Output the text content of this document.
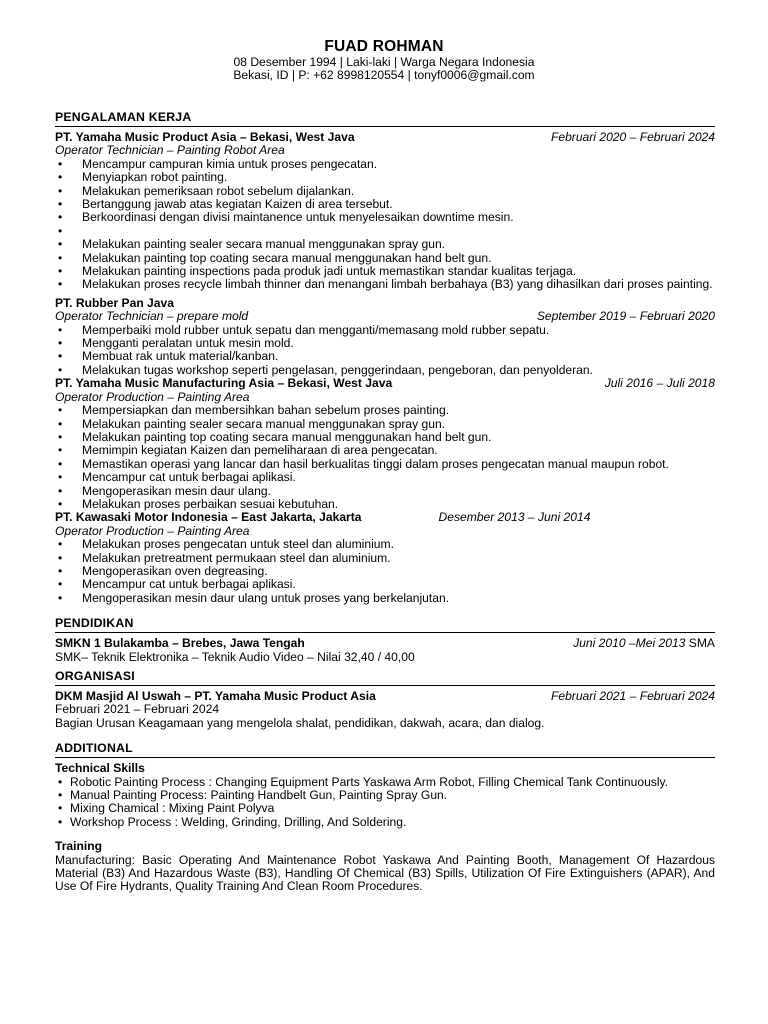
FUAD ROHMAN
08 Desember 1994 | Laki-laki | Warga Negara Indonesia
Bekasi, ID | P: +62 8998120554 | tonyf0006@gmail.com
PENGALAMAN KERJA
PT. Yamaha Music Product Asia – Bekasi, West Java	Februari 2020 – Februari 2024
Operator Technician – Painting Robot Area
• Mencampur campuran kimia untuk proses pengecatan.
• Menyiapkan robot painting.
• Melakukan pemeriksaan robot sebelum dijalankan.
• Bertanggung jawab atas kegiatan Kaizen di area tersebut.
• Berkoordinasi dengan divisi maintanence untuk menyelesaikan downtime mesin.
•
• Melakukan painting sealer secara manual menggunakan spray gun.
• Melakukan painting top coating secara manual menggunakan hand belt gun.
• Melakukan painting inspections pada produk jadi untuk memastikan standar kualitas terjaga.
• Melakukan proses recycle limbah thinner dan menangani limbah berbahaya (B3) yang dihasilkan dari proses painting.
PT. Rubber Pan Java
Operator Technician – prepare mold	September 2019 – Februari 2020
• Memperbaiki mold rubber untuk sepatu dan mengganti/memasang mold rubber sepatu.
• Mengganti peralatan untuk mesin mold.
• Membuat rak untuk material/kanban.
• Melakukan tugas workshop seperti pengelasan, penggerindaan, pengeboran, dan penyolderan.
PT. Yamaha Music Manufacturing Asia – Bekasi, West Java	Juli 2016 – Juli 2018
Operator Production – Painting Area
• Mempersiapkan dan membersihkan bahan sebelum proses painting.
• Melakukan painting sealer secara manual menggunakan spray gun.
• Melakukan painting top coating secara manual menggunakan hand belt gun.
• Memimpin kegiatan Kaizen dan pemeliharaan di area pengecatan.
• Memastikan operasi yang lancar dan hasil berkualitas tinggi dalam proses pengecatan manual maupun robot.
• Mencampur cat untuk berbagai aplikasi.
• Mengoperasikan mesin daur ulang.
• Melakukan proses perbaikan sesuai kebutuhan.
PT. Kawasaki Motor Indonesia – East Jakarta, Jakarta	Desember 2013 – Juni 2014
Operator Production – Painting Area
• Melakukan proses pengecatan untuk steel dan aluminium.
• Melakukan pretreatment permukaan steel dan aluminium.
• Mengoperasikan oven degreasing.
• Mencampur cat untuk berbagai aplikasi.
• Mengoperasikan mesin daur ulang untuk proses yang berkelanjutan.
PENDIDIKAN
SMKN 1 Bulakamba – Brebes, Jawa Tengah	Juni 2010 –Mei 2013 SMA
SMK– Teknik Elektronika – Teknik Audio Video – Nilai 32,40 / 40,00
ORGANISASI
DKM Masjid Al Uswah – PT. Yamaha Music Product Asia	Februari 2021 – Februari 2024
Februari 2021 – Februari 2024
Bagian Urusan Keagamaan yang mengelola shalat, pendidikan, dakwah, acara, dan dialog.
ADDITIONAL
Technical Skills
• Robotic Painting Process : Changing Equipment Parts Yaskawa Arm Robot, Filling Chemical Tank Continuously.
• Manual Painting Process: Painting Handbelt Gun, Painting Spray Gun.
• Mixing Chamical : Mixing Paint Polyva
• Workshop Process : Welding, Grinding, Drilling, And Soldering.
Training
Manufacturing: Basic Operating And Maintenance Robot Yaskawa And Painting Booth, Management Of Hazardous Material (B3) And Hazardous Waste (B3), Handling Of Chemical (B3) Spills, Utilization Of Fire Extinguishers (APAR), And Use Of Fire Hydrants, Quality Training And Clean Room Procedures.
